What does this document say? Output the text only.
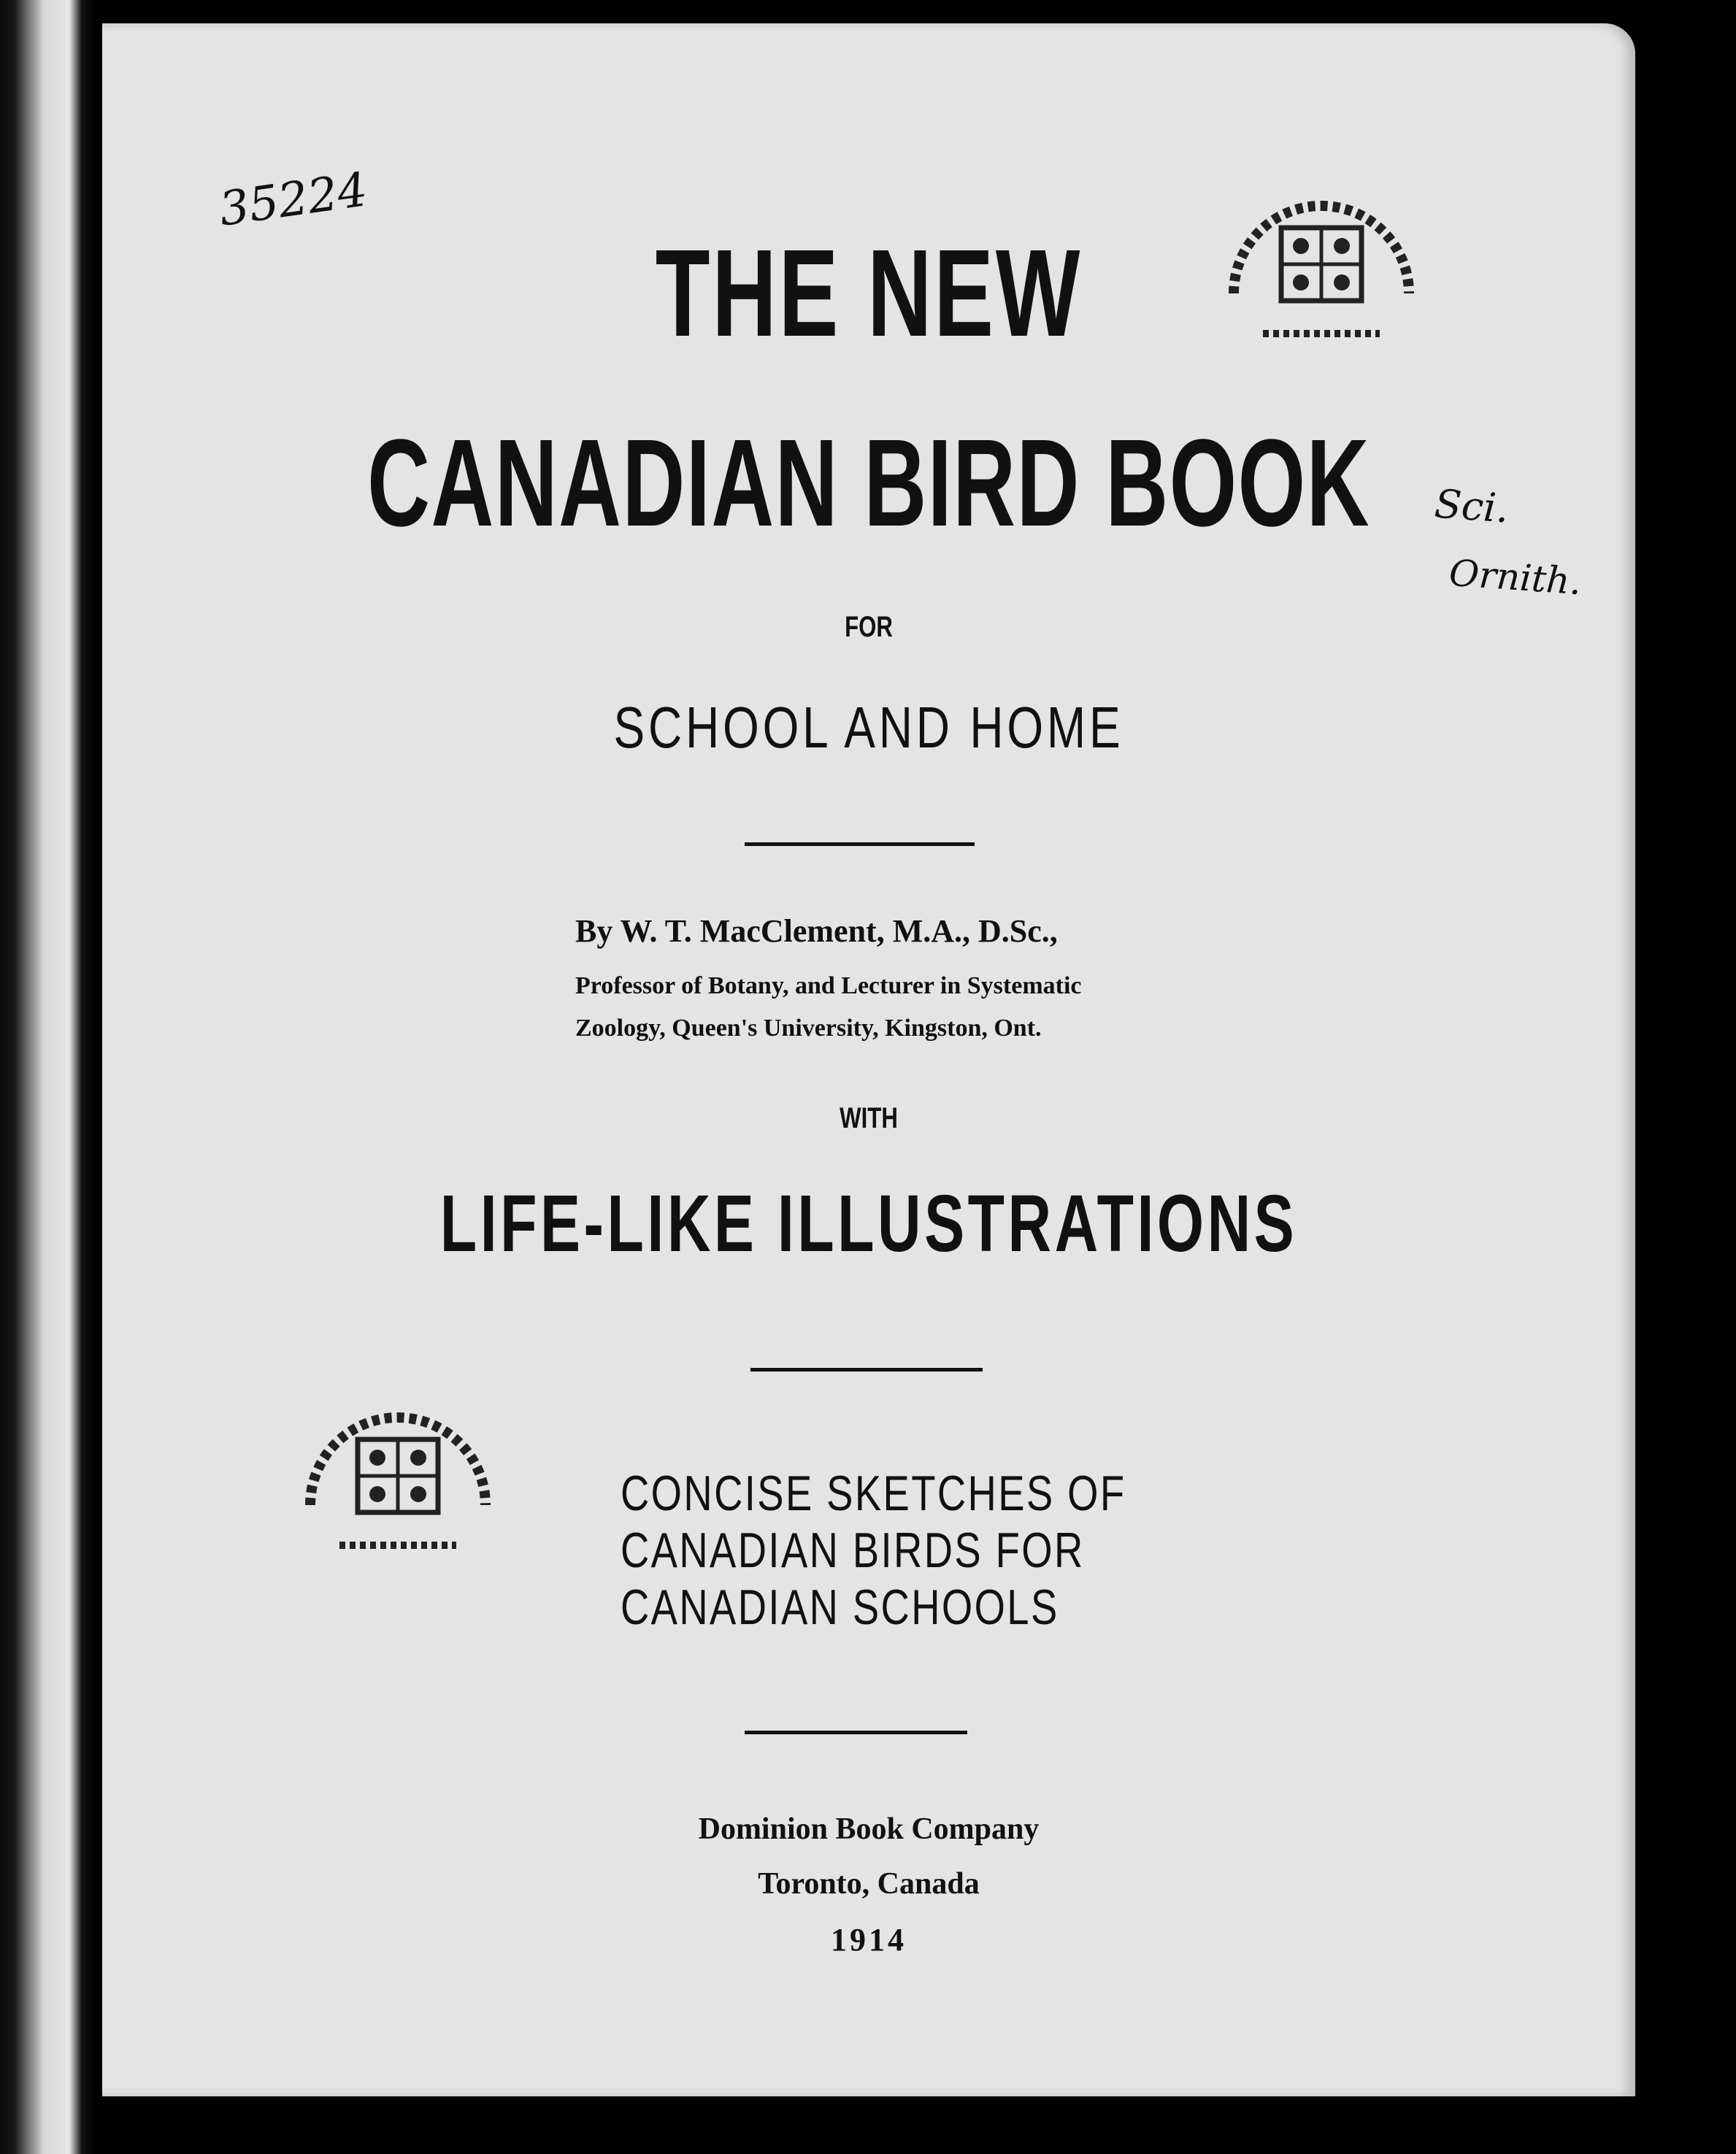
35224

Sci.

Ornith.

THE NEW
CANADIAN BIRD BOOK

FOR

SCHOOL AND HOME

By W. T. MacClement, M.A., D.Sc.,

Professor of Botany, and Lecturer in Systematic

Zoology, Queen's University, Kingston, Ont.

WITH

LIFE-LIKE ILLUSTRATIONS

CONCISE SKETCHES OF

CANADIAN BIRDS FOR

CANADIAN SCHOOLS

Dominion Book Company

Toronto, Canada

1914
